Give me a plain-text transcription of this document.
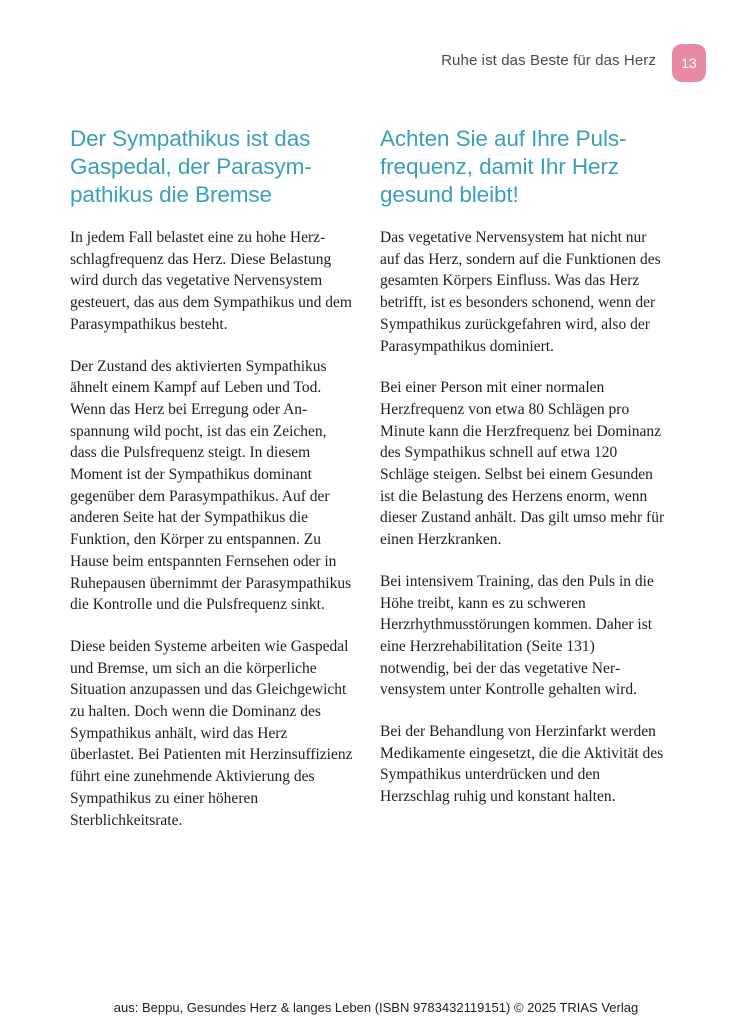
Ruhe ist das Beste für das Herz	13
Der Sympathikus ist das Gaspedal, der Parasympathikus die Bremse

In jedem Fall belastet eine zu hohe Herzschlagfrequenz das Herz. Diese Belastung wird durch das vegetative Nervensystem gesteuert, das aus dem Sympathikus und dem Parasympathikus besteht.

Der Zustand des aktivierten Sympathikus ähnelt einem Kampf auf Leben und Tod. Wenn das Herz bei Erregung oder Anspannung wild pocht, ist das ein Zeichen, dass die Pulsfrequenz steigt. In diesem Moment ist der Sympathikus dominant gegenüber dem Parasympathikus. Auf der anderen Seite hat der Sympathikus die Funktion, den Körper zu entspannen. Zu Hause beim entspannten Fernsehen oder in Ruhepausen übernimmt der Parasympathikus die Kontrolle und die Pulsfrequenz sinkt.

Diese beiden Systeme arbeiten wie Gaspedal und Bremse, um sich an die körperliche Situation anzupassen und das Gleichgewicht zu halten. Doch wenn die Dominanz des Sympathikus anhält, wird das Herz überlastet. Bei Patienten mit Herzinsuffizienz führt eine zunehmende Aktivierung des Sympathikus zu einer höheren Sterblichkeitsrate.

Achten Sie auf Ihre Pulsfrequenz, damit Ihr Herz gesund bleibt!

Das vegetative Nervensystem hat nicht nur auf das Herz, sondern auf die Funktionen des gesamten Körpers Einfluss. Was das Herz betrifft, ist es besonders schonend, wenn der Sympathikus zurückgefahren wird, also der Parasympathikus dominiert.

Bei einer Person mit einer normalen Herzfrequenz von etwa 80 Schlägen pro Minute kann die Herzfrequenz bei Dominanz des Sympathikus schnell auf etwa 120 Schläge steigen. Selbst bei einem Gesunden ist die Belastung des Herzens enorm, wenn dieser Zustand anhält. Das gilt umso mehr für einen Herzkranken.

Bei intensivem Training, das den Puls in die Höhe treibt, kann es zu schweren Herzrhythmusstörungen kommen. Daher ist eine Herzrehabilitation (Seite 131) notwendig, bei der das vegetative Nervensystem unter Kontrolle gehalten wird.

Bei der Behandlung von Herzinfarkt werden Medikamente eingesetzt, die die Aktivität des Sympathikus unterdrücken und den Herzschlag ruhig und konstant halten.

aus: Beppu, Gesundes Herz & langes Leben (ISBN 9783432119151) © 2025 TRIAS Verlag
